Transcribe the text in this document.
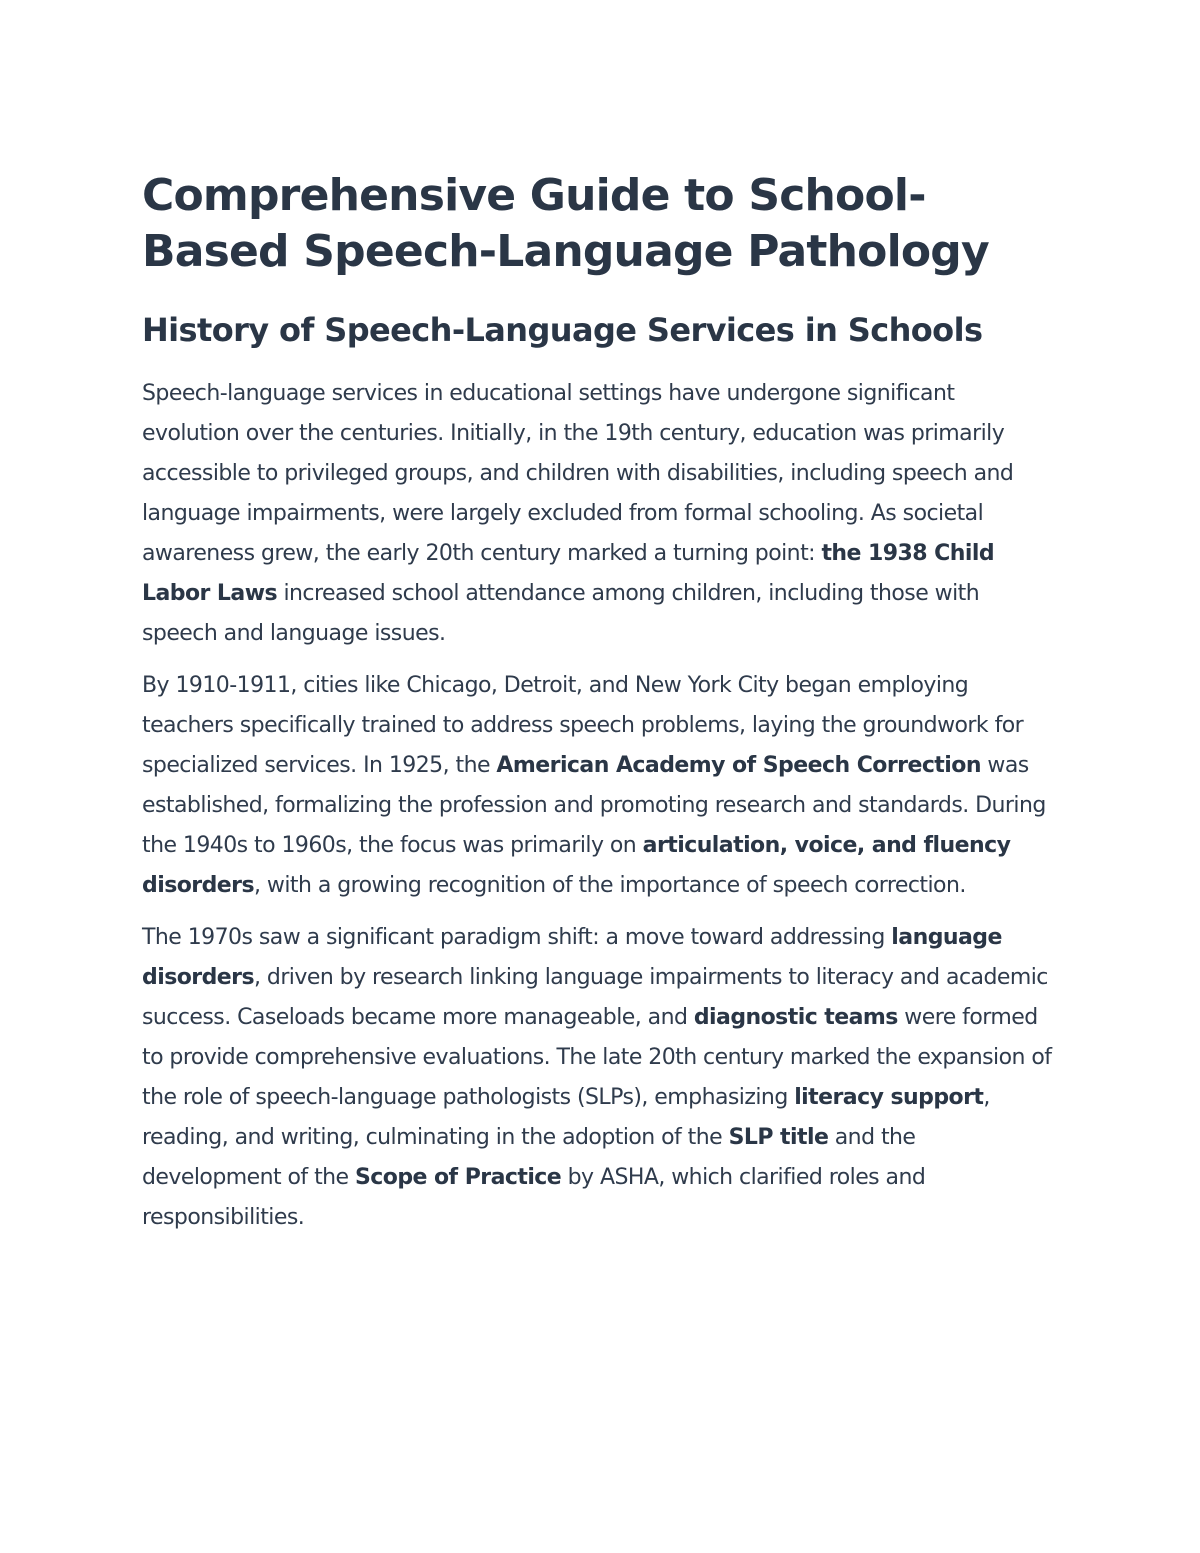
Comprehensive Guide to School-Based Speech-Language Pathology
History of Speech-Language Services in Schools

Speech-language services in educational settings have undergone significant evolution over the centuries. Initially, in the 19th century, education was primarily accessible to privileged groups, and children with disabilities, including speech and language impairments, were largely excluded from formal schooling. As societal awareness grew, the early 20th century marked a turning point: the 1938 Child Labor Laws increased school attendance among children, including those with speech and language issues.

By 1910-1911, cities like Chicago, Detroit, and New York City began employing teachers specifically trained to address speech problems, laying the groundwork for specialized services. In 1925, the American Academy of Speech Correction was established, formalizing the profession and promoting research and standards. During the 1940s to 1960s, the focus was primarily on articulation, voice, and fluency disorders, with a growing recognition of the importance of speech correction.

The 1970s saw a significant paradigm shift: a move toward addressing language disorders, driven by research linking language impairments to literacy and academic success. Caseloads became more manageable, and diagnostic teams were formed to provide comprehensive evaluations. The late 20th century marked the expansion of the role of speech-language pathologists (SLPs), emphasizing literacy support, reading, and writing, culminating in the adoption of the SLP title and the development of the Scope of Practice by ASHA, which clarified roles and responsibilities.
